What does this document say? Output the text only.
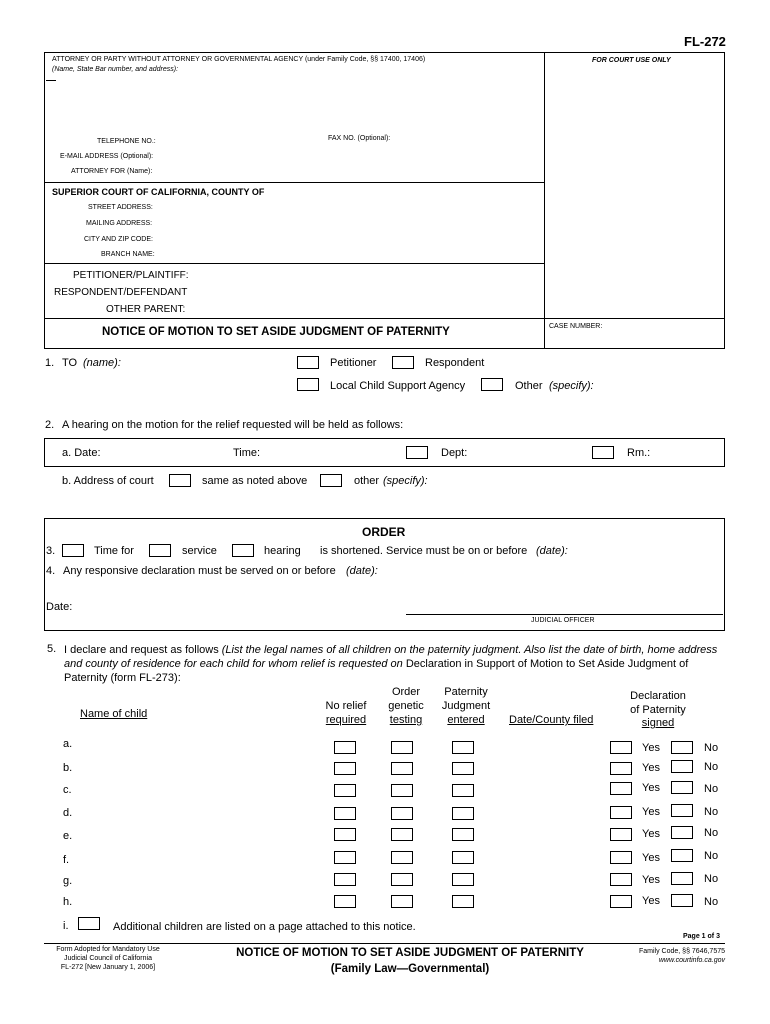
FL-272
ATTORNEY OR PARTY WITHOUT ATTORNEY OR GOVERNMENTAL AGENCY (under Family Code, §§ 17400, 17406)
(Name, State Bar number, and address):
FOR COURT USE ONLY
TELEPHONE NO.:	FAX NO. (Optional):
E-MAIL ADDRESS (Optional):
ATTORNEY FOR (Name):
SUPERIOR COURT OF CALIFORNIA, COUNTY OF
STREET ADDRESS:
MAILING ADDRESS:
CITY AND ZIP CODE:
BRANCH NAME:
PETITIONER/PLAINTIFF:
RESPONDENT/DEFENDANT
OTHER PARENT:
NOTICE OF MOTION TO SET ASIDE JUDGMENT OF PATERNITY	CASE NUMBER:
1. TO (name):	Petitioner	Respondent
Local Child Support Agency	Other (specify):
2. A hearing on the motion for the relief requested will be held as follows:
a. Date:	Time:	Dept:	Rm.:
b. Address of court	same as noted above	other (specify):
ORDER
3.	Time for	service	hearing is shortened. Service must be on or before (date):
4. Any responsive declaration must be served on or before (date):
Date:
JUDICIAL OFFICER
5. I declare and request as follows (List the legal names of all children on the paternity judgment. Also list the date of birth, home address and county of residence for each child for whom relief is requested on Declaration in Support of Motion to Set Aside Judgment of Paternity (form FL-273):
Name of child
No relief
required
Order
genetic
testing
Paternity
Judgment
entered	Date/County filed
Declaration
of Paternity
signed
a.	Yes	No
b.	Yes	No
c.	Yes	No
d.	Yes	No
e.	Yes	No
f.	Yes	No
g.	Yes	No
h.	Yes	No
i.	Additional children are listed on a page attached to this notice.
Page 1 of 3
Form Adopted for Mandatory Use
Judicial Council of California
FL-272 [New January 1, 2006]
NOTICE OF MOTION TO SET ASIDE JUDGMENT OF PATERNITY
(Family Law—Governmental)
Family Code, §§ 7646,7575
www.courtinfo.ca.gov
